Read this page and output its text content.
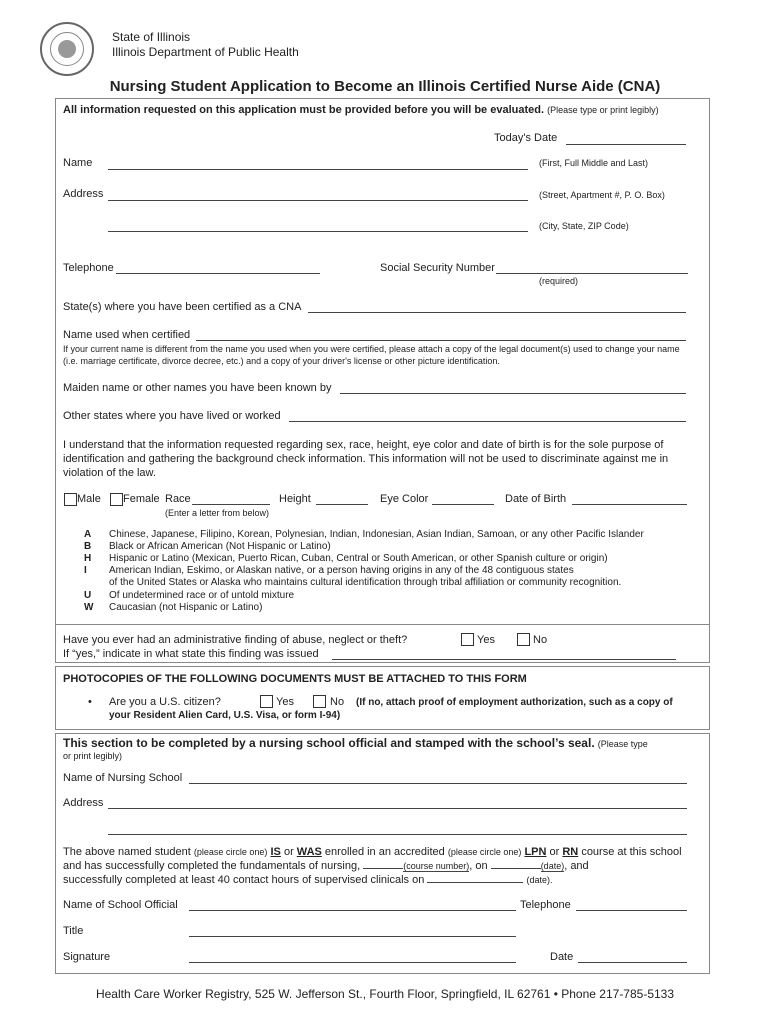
State of Illinois
Illinois Department of Public Health
Nursing Student Application to Become an Illinois Certified Nurse Aide (CNA)
All information requested on this application must be provided before you will be evaluated. (Please type or print legibly)
Today's Date
Name	(First, Full Middle and Last)
Address	(Street, Apartment #, P. O. Box)
(City, State, ZIP Code)
Telephone	Social Security Number
(required)
State(s) where you have been certified as a CNA
Name used when certified
If your current name is different from the name you used when you were certified, please attach a copy of the legal document(s) used to change your name (i.e. marriage certificate, divorce decree, etc.) and a copy of your driver's license or other picture identification.
Maiden name or other names you have been known by
Other states where you have lived or worked
I understand that the information requested regarding sex, race, height, eye color and date of birth is for the sole purpose of identification and gathering the background check information. This information will not be used to discriminate against me in violation of the law.
Male Female Race	Height	Eye Color	Date of Birth
(Enter a letter from below)
A Chinese, Japanese, Filipino, Korean, Polynesian, Indian, Indonesian, Asian Indian, Samoan, or any other Pacific Islander
B Black or African American (Not Hispanic or Latino)
H Hispanic or Latino (Mexican, Puerto Rican, Cuban, Central or South American, or other Spanish culture or origin)
I American Indian, Eskimo, or Alaskan native, or a person having origins in any of the 48 contiguous states
of the United States or Alaska who maintains cultural identification through tribal affiliation or community recognition.
U Of undetermined race or of untold mixture
W Caucasian (not Hispanic or Latino)
Have you ever had an administrative finding of abuse, neglect or theft?	Yes	No
If “yes,” indicate in what state this finding was issued
PHOTOCOPIES OF THE FOLLOWING DOCUMENTS MUST BE ATTACHED TO THIS FORM
• Are you a U.S. citizen?	Yes	No (If no, attach proof of employment authorization, such as a copy of
your Resident Alien Card, U.S. Visa, or form I-94)
This section to be completed by a nursing school official and stamped with the school’s seal. (Please type
or print legibly)
Name of Nursing School
Address
The above named student (please circle one) IS or WAS enrolled in an accredited (please circle one) LPN or RN course at this school
and has successfully completed the fundamentals of nursing,	(course number), on	(date), and
successfully completed at least 40 contact hours of supervised clinicals on	(date).
Name of School Official	Telephone
Title
Signature	Date
Health Care Worker Registry, 525 W. Jefferson St., Fourth Floor, Springfield, IL 62761 • Phone 217-785-5133
